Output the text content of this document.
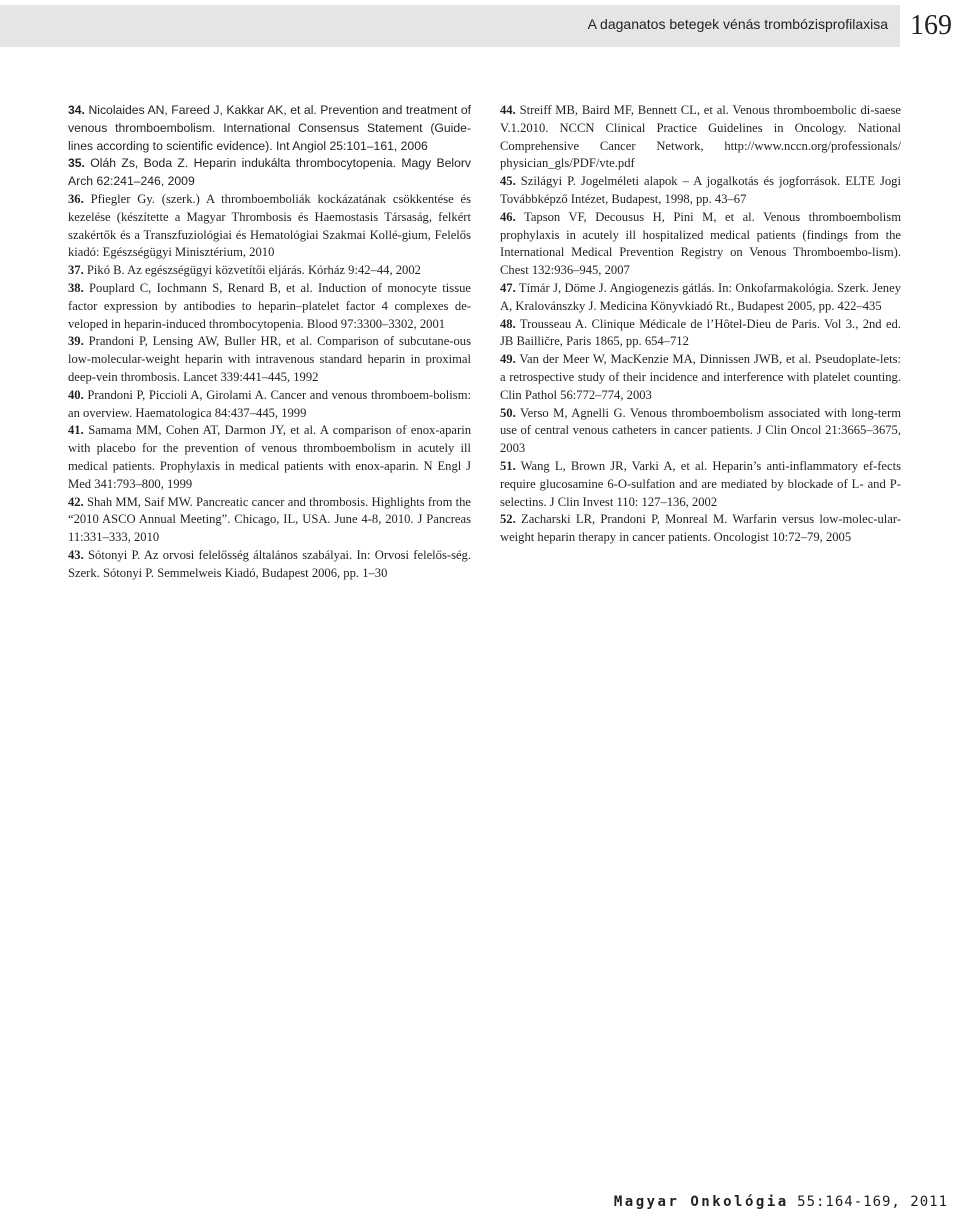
A daganatos betegek vénás trombózisprofilaxisa 169

34. Nicolaides AN, Fareed J, Kakkar AK, et al. Prevention and treatment of venous thromboembolism. International Consensus Statement (Guide-lines according to scientific evidence). Int Angiol 25:101–161, 2006

35. Oláh Zs, Boda Z. Heparin indukálta thrombocytopenia. Magy Belorv Arch 62:241–246, 2009

36. Pfiegler Gy. (szerk.) A thromboemboliák kockázatának csökkentése és kezelése (készítette a Magyar Thrombosis és Haemostasis Társaság, felkért szakértők és a Transzfuziológiai és Hematológiai Szakmai Kollé-gium, Felelős kiadó: Egészségügyi Minisztérium, 2010

37. Pikó B. Az egészségügyi közvetítői eljárás. Kórház 9:42–44, 2002

38. Pouplard C, Iochmann S, Renard B, et al. Induction of monocyte tissue factor expression by antibodies to heparin–platelet factor 4 complexes de-veloped in heparin-induced thrombocytopenia. Blood 97:3300–3302, 2001

39. Prandoni P, Lensing AW, Buller HR, et al. Comparison of subcutane-ous low-molecular-weight heparin with intravenous standard heparin in proximal deep-vein thrombosis. Lancet 339:441–445, 1992

40. Prandoni P, Piccioli A, Girolami A. Cancer and venous thromboem-bolism: an overview. Haematologica 84:437–445, 1999

41. Samama MM, Cohen AT, Darmon JY, et al. A comparison of enox-aparin with placebo for the prevention of venous thromboembolism in acutely ill medical patients. Prophylaxis in medical patients with enox-aparin. N Engl J Med 341:793–800, 1999

42. Shah MM, Saif MW. Pancreatic cancer and thrombosis. Highlights from the “2010 ASCO Annual Meeting”. Chicago, IL, USA. June 4-8, 2010. J Pancreas 11:331–333, 2010

43. Sótonyi P. Az orvosi felelősség általános szabályai. In: Orvosi felelős-ség. Szerk. Sótonyi P. Semmelweis Kiadó, Budapest 2006, pp. 1–30

44. Streiff MB, Baird MF, Bennett CL, et al. Venous thromboembolic di-saese V.1.2010. NCCN Clinical Practice Guidelines in Oncology. National Comprehensive Cancer Network, http://www.nccn.org/professionals/ physician_gls/PDF/vte.pdf

45. Szilágyi P. Jogelméleti alapok – A jogalkotás és jogforrások. ELTE Jogi Továbbképző Intézet, Budapest, 1998, pp. 43–67

46. Tapson VF, Decousus H, Pini M, et al. Venous thromboembolism prophylaxis in acutely ill hospitalized medical patients (findings from the International Medical Prevention Registry on Venous Thromboembo-lism). Chest 132:936–945, 2007

47. Tímár J, Döme J. Angiogenezis gátlás. In: Onkofarmakológia. Szerk. Jeney A, Kralovánszky J. Medicina Könyvkiadó Rt., Budapest 2005, pp. 422–435

48. Trousseau A. Clinique Médicale de l’Hôtel-Dieu de Paris. Vol 3., 2nd ed. JB Bailličre, Paris 1865, pp. 654–712

49. Van der Meer W, MacKenzie MA, Dinnissen JWB, et al. Pseudoplate-lets: a retrospective study of their incidence and interference with platelet counting. Clin Pathol 56:772–774, 2003

50. Verso M, Agnelli G. Venous thromboembolism associated with long-term use of central venous catheters in cancer patients. J Clin Oncol 21:3665–3675, 2003

51. Wang L, Brown JR, Varki A, et al. Heparin’s anti-inflammatory ef-fects require glucosamine 6-O-sulfation and are mediated by blockade of L- and P-selectins. J Clin Invest 110: 127–136, 2002

52. Zacharski LR, Prandoni P, Monreal M. Warfarin versus low-molec-ular-weight heparin therapy in cancer patients. Oncologist 10:72–79, 2005

Magyar Onkológia 55:164-169, 2011
